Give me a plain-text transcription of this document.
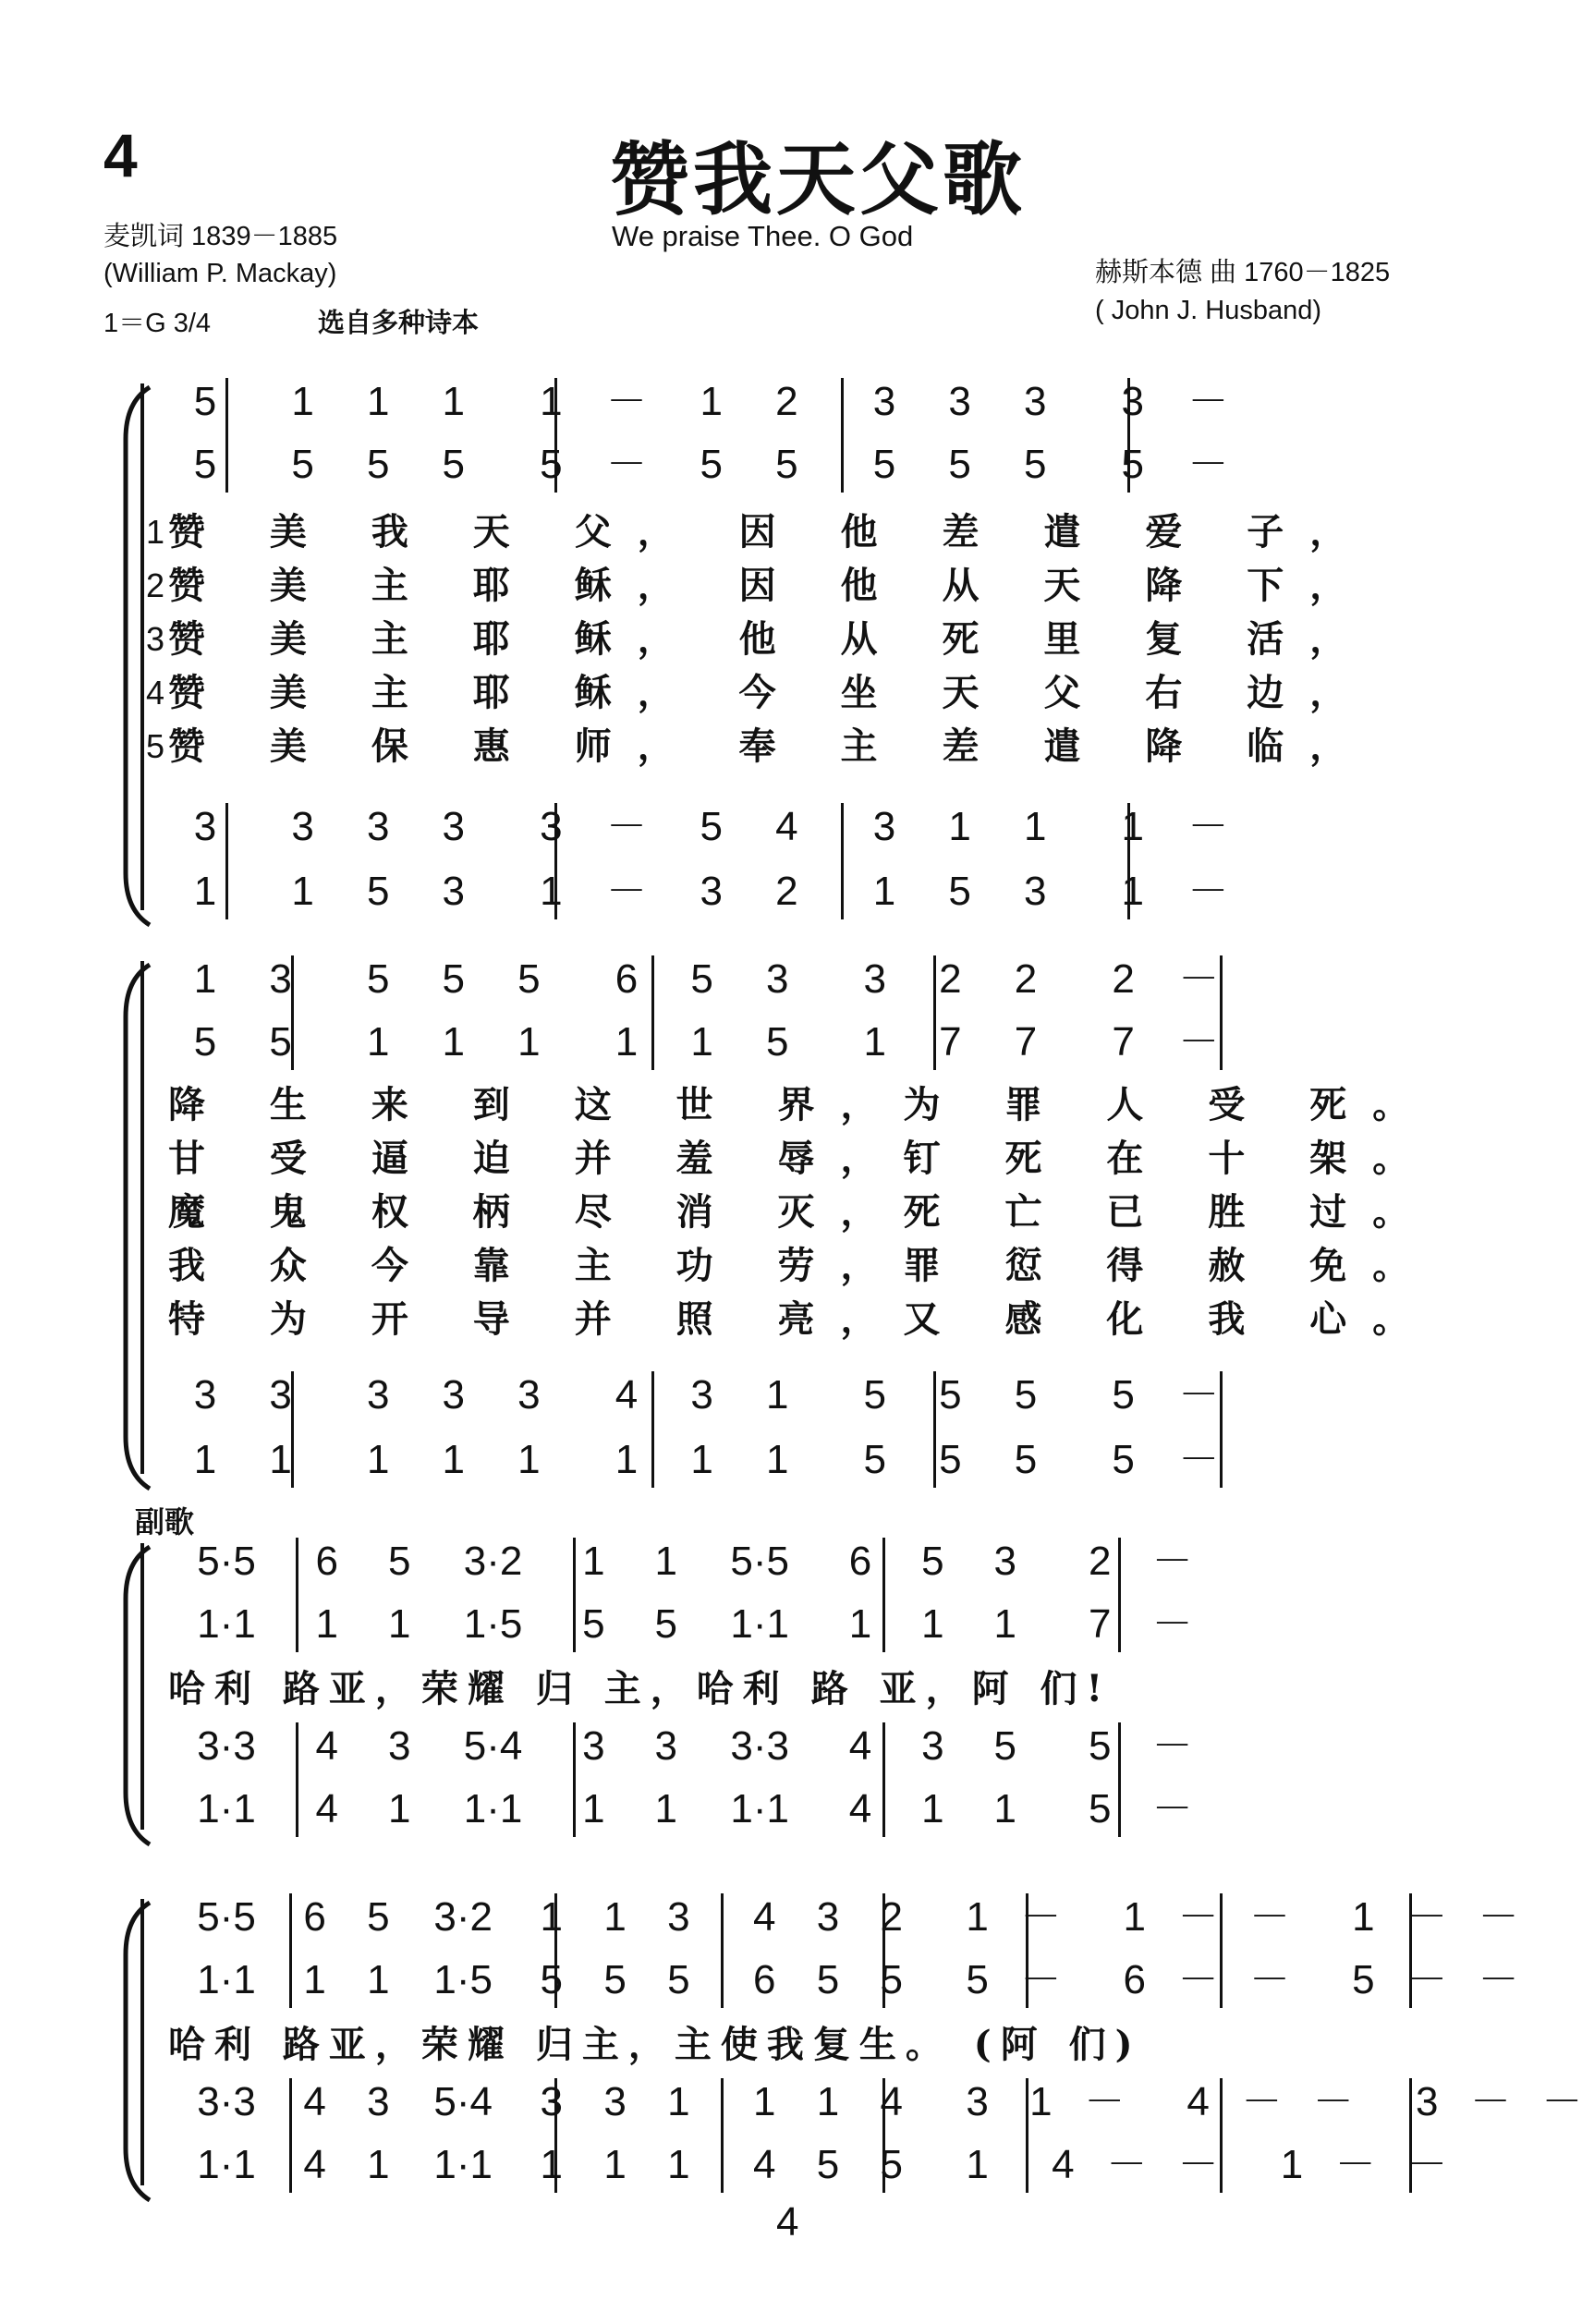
4	赞我天父歌
We praise Thee. O God
麦凯词 1839－1885
(William P. Mackay)
1＝G 3/4	选自多种诗本
赫斯本德 曲 1760－1825
( John J. Husband)
副歌
5 1 1 1 1 － 1 2 3 3 3 3 －
5 5 5 5 5 － 5 5 5 5 5 5 －
3 3 3 3 3 － 5 4 3 1 1 1 －
1 1 5 3 1 － 3 2 1 5 3 1 －
1 赞 美 我 天 父， 因 他 差 遣 爱 子，
2 赞 美 主 耶 稣， 因 他 从 天 降 下，
3 赞 美 主 耶 稣， 他 从 死 里 复 活，
4 赞 美 主 耶 稣， 今 坐 天 父 右 边，
5 赞 美 保 惠 师， 奉 主 差 遣 降 临，
1 3 5 5 5 6 5 3 3 2 2 2 －
5 5 1 1 1 1 1 5 1 7 7 7 －
3 3 3 3 3 4 3 1 5 5 5 5 －
1 1 1 1 1 1 1 1 5 5 5 5 －
降 生 来 到 这 世 界，为 罪 人 受 死。
甘 受 逼 迫 并 羞 辱，钉 死 在 十 架。
魔 鬼 权 柄 尽 消 灭，死 亡 已 胜 过。
我 众 今 靠 主 功 劳，罪 愆 得 赦 免。
特 为 开 导 并 照 亮，又 感 化 我 心。
5·5	6 5	3·2	1 1	5·5	6 5 3 2 －
1·1	1 1	1·5	5 5	1·1	1 1 1 7 －
3·3	4 3	5·4	3 3	3·3	4 3 5 5 －
1·1	4 1	1·1	1 1	1·1	4 1 1 5 －
哈利 路亚，荣耀 归 主，哈利 路 亚，阿 们!
5·5	6 5	3·2	1 1 3 4 3 2 1 － 1 － － 1 － －
1·1	1 1	1·5	5 5 5 6 5 5 5 － 6 － － 5 － －
3·3	4 3	5·4	3 3 1 1 1 4 3 1 － 4 － － 3 － －
1·1	4 1	1·1	1 1 1 4 5 5 1 4 － － 1 － －
哈利 路亚，荣耀 归主，主使我复生。 (阿 们)
4
